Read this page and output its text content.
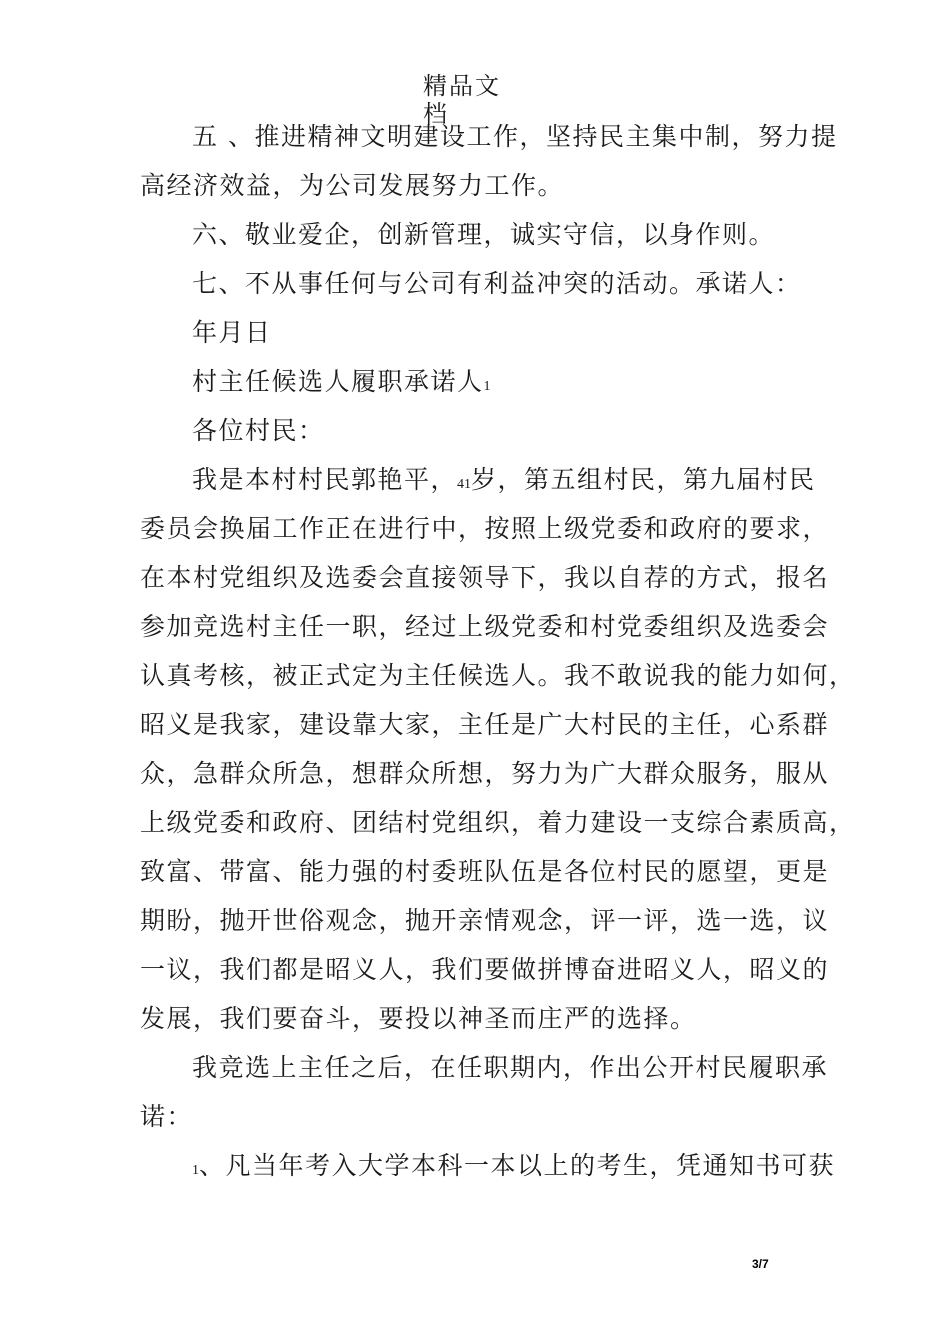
精品文档
五 、推进精神文明建设工作，坚持民主集中制，努力提
高经济效益，为公司发展努力工作。
六、敬业爱企，创新管理，诚实守信，以身作则。
七、不从事任何与公司有利益冲突的活动。承诺人：
年月日
村主任候选人履职承诺人1
各位村民：
我是本村村民郭艳平，41岁，第五组村民，第九届村民
委员会换届工作正在进行中，按照上级党委和政府的要求，
在本村党组织及选委会直接领导下，我以自荐的方式，报名
参加竞选村主任一职，经过上级党委和村党委组织及选委会
认真考核，被正式定为主任候选人。我不敢说我的能力如何，
昭义是我家，建设靠大家，主任是广大村民的主任，心系群
众，急群众所急，想群众所想，努力为广大群众服务，服从
上级党委和政府、团结村党组织，着力建设一支综合素质高，
致富、带富、能力强的村委班队伍是各位村民的愿望，更是
期盼，抛开世俗观念，抛开亲情观念，评一评，选一选，议
一议，我们都是昭义人，我们要做拼博奋进昭义人，昭义的
发展，我们要奋斗，要投以神圣而庄严的选择。
我竞选上主任之后，在任职期内，作出公开村民履职承
诺：
1、凡当年考入大学本科一本以上的考生，凭通知书可获
3/7
